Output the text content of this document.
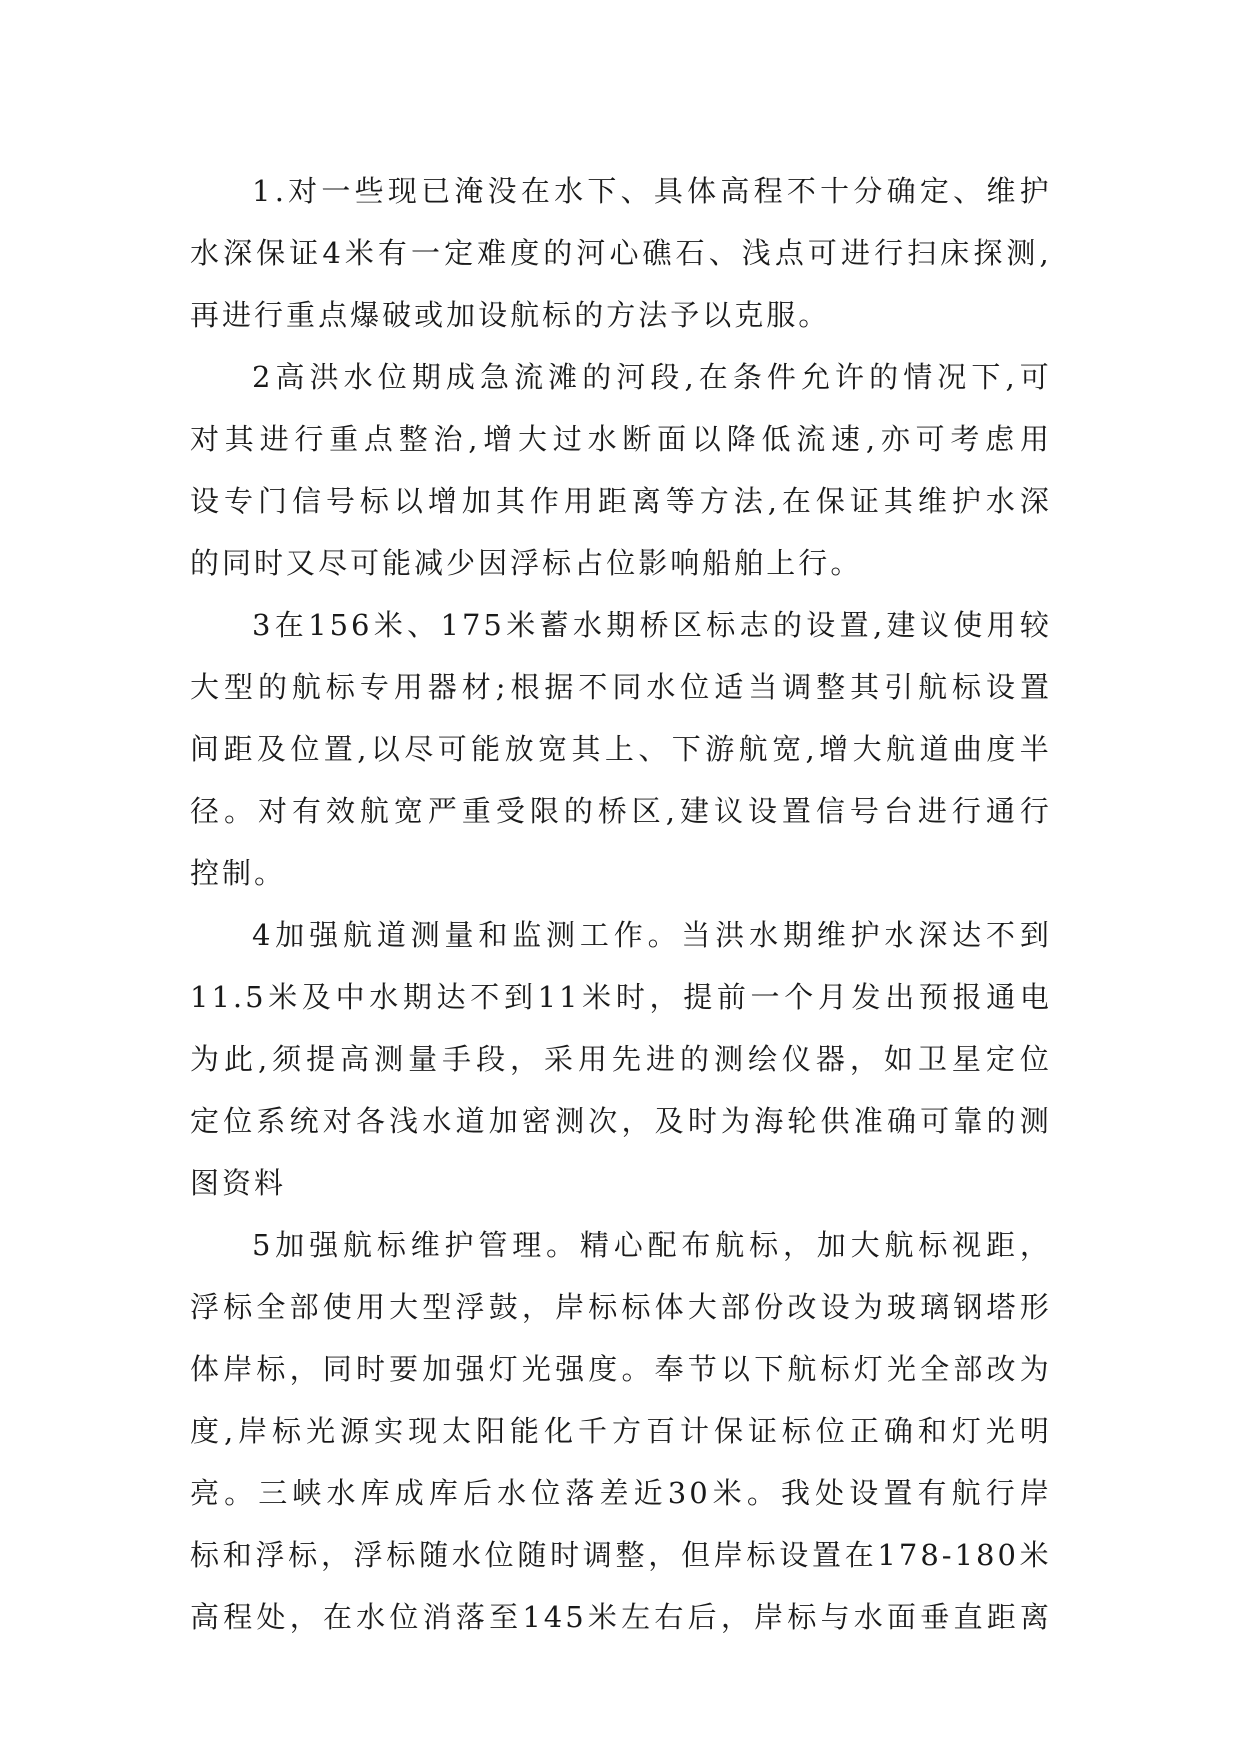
1 . 对 一 些 现 已 淹 没 在 水 下 、 具 体 高 程 不 十 分 确 定 、 维 护
水 深 保 证 4 米 有 一 定 难 度 的 河 心 礁 石 、 浅 点 可 进 行 扫 床 探 测 ,
再 进 行 重 点 爆 破 或 加 设 航 标 的 方 法 予 以 克 服 。
2 高 洪 水 位 期 成 急 流 滩 的 河 段 , 在 条 件 允 许 的 情 况 下 , 可
对 其 进 行 重 点 整 治 , 增 大 过 水 断 面 以 降 低 流 速 , 亦 可 考 虑 用
设 专 门 信 号 标 以 增 加 其 作 用 距 离 等 方 法 , 在 保 证 其 维 护 水 深
的 同 时 又 尽 可 能 减 少 因 浮 标 占 位 影 响 船 舶 上 行 。
3 在 156 米 、 175 米 蓄 水 期 桥 区 标 志 的 设 置 , 建 议 使 用 较
大 型 的 航 标 专 用 器 材 ; 根 据 不 同 水 位 适 当 调 整 其 引 航 标 设 置
间 距 及 位 置 , 以 尽 可 能 放 宽 其 上 、 下 游 航 宽 , 增 大 航 道 曲 度 半
径 。 对 有 效 航 宽 严 重 受 限 的 桥 区 , 建 议 设 置 信 号 台 进 行 通 行
控 制 。
4 加 强 航 道 测 量 和 监 测 工 作 。 当 洪 水 期 维 护 水 深 达 不 到
11.5 米 及 中 水 期 达 不 到 11 米 时 ， 提 前 一 个 月 发 出 预 报 通 电
为 此 , 须 提 高 测 量 手 段 ， 采 用 先 进 的 测 绘 仪 器 ， 如 卫 星 定 位
定 位 系 统 对 各 浅 水 道 加 密 测 次 ， 及 时 为 海 轮 供 准 确 可 靠 的 测
图 资 料
5 加 强 航 标 维 护 管 理 。 精 心 配 布 航 标 ， 加 大 航 标 视 距 ，
浮 标 全 部 使 用 大 型 浮 鼓 ， 岸 标 标 体 大 部 份 改 设 为 玻 璃 钢 塔 形
体 岸 标 ， 同 时 要 加 强 灯 光 强 度 。 奉 节 以 下 航 标 灯 光 全 部 改 为
度 , 岸 标 光 源 实 现 太 阳 能 化 千 方 百 计 保 证 标 位 正 确 和 灯 光 明
亮 。 三 峡 水 库 成 库 后 水 位 落 差 近 30 米 。 我 处 设 置 有 航 行 岸
标 和 浮 标 ， 浮 标 随 水 位 随 时 调 整 ， 但 岸 标 设 置 在 178-180 米
高 程 处 ， 在 水 位 消 落 至 145 米 左 右 后 ， 岸 标 与 水 面 垂 直 距 离
